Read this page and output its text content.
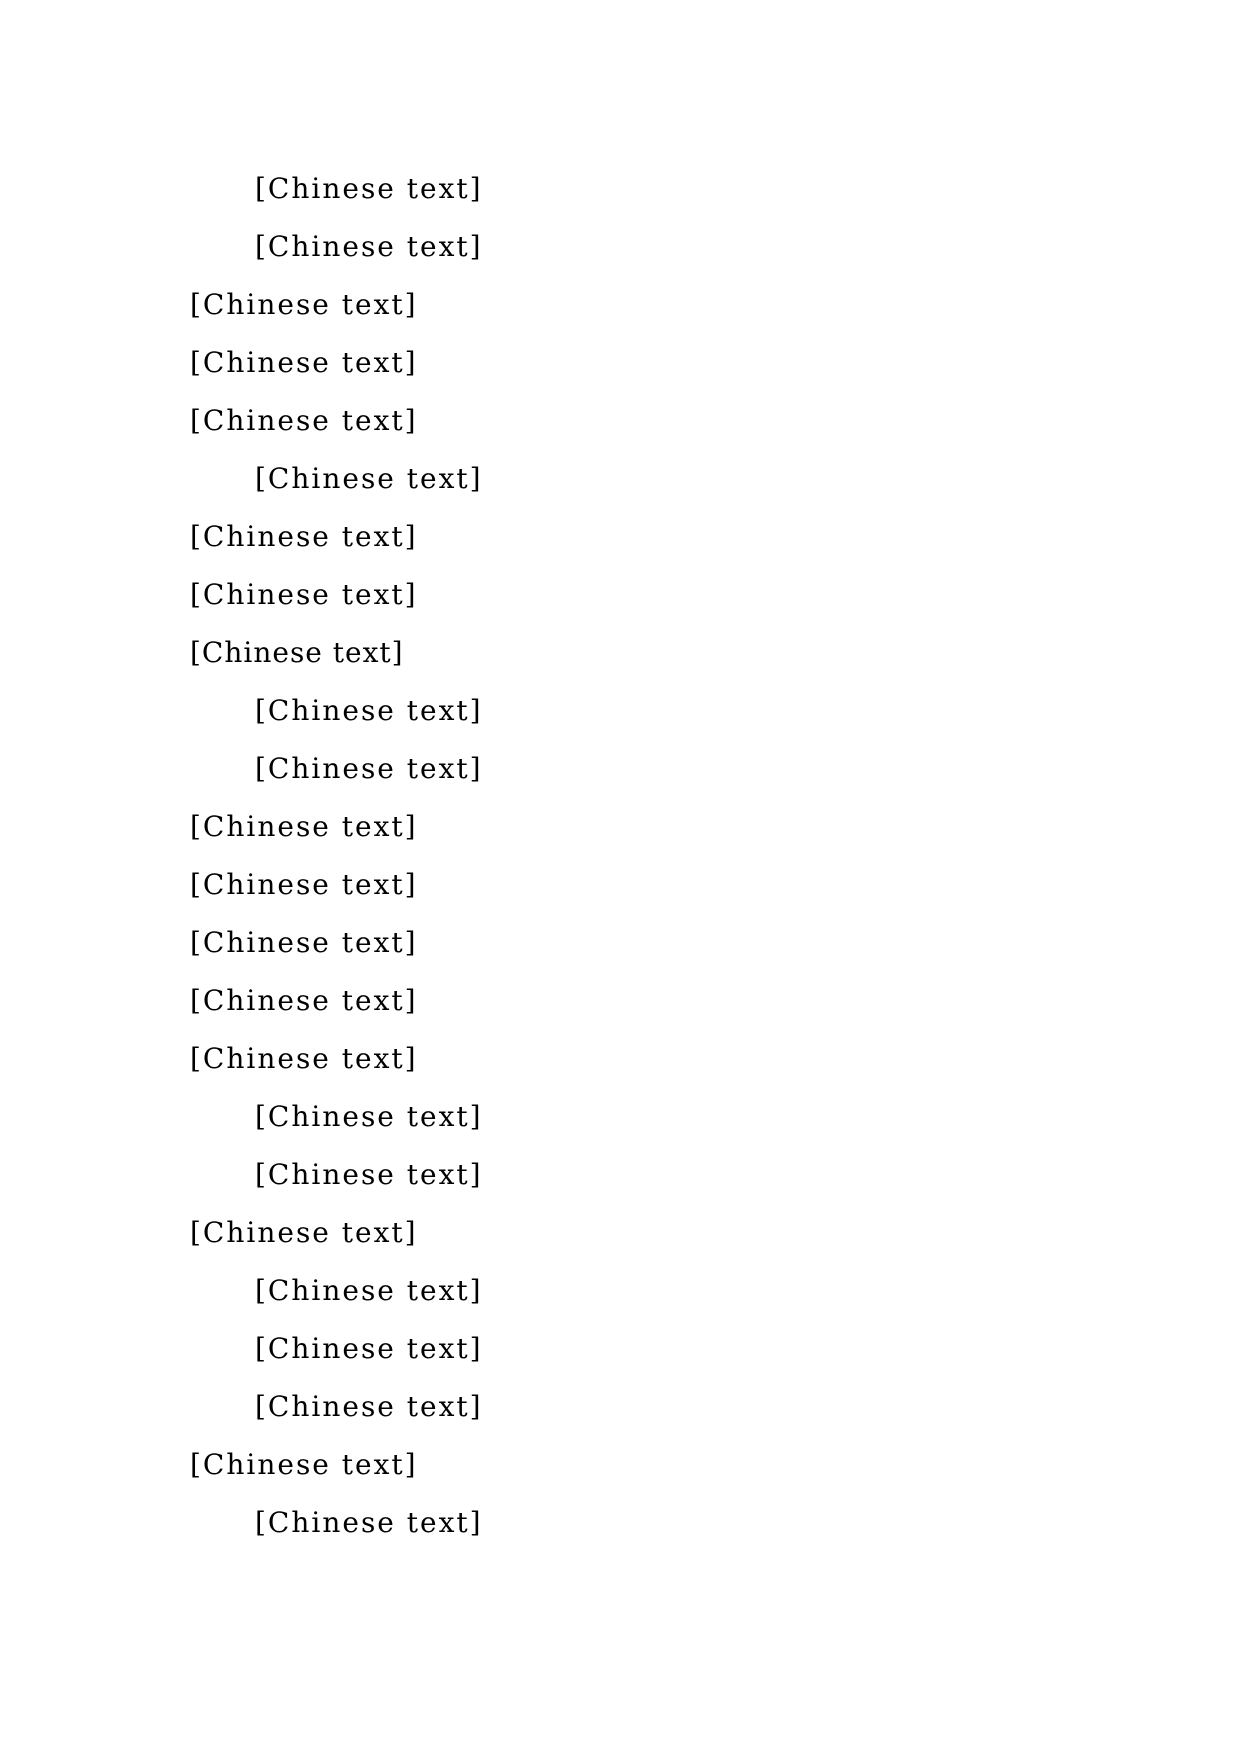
[Chinese text]
[Chinese text]
[Chinese text]
[Chinese text]
[Chinese text]
[Chinese text]
[Chinese text]
[Chinese text]
[Chinese text]
[Chinese text]
[Chinese text]
[Chinese text]
[Chinese text]
[Chinese text]
[Chinese text]
[Chinese text]
[Chinese text]
[Chinese text]
[Chinese text]
[Chinese text]
[Chinese text]
[Chinese text]
[Chinese text]
[Chinese text]
